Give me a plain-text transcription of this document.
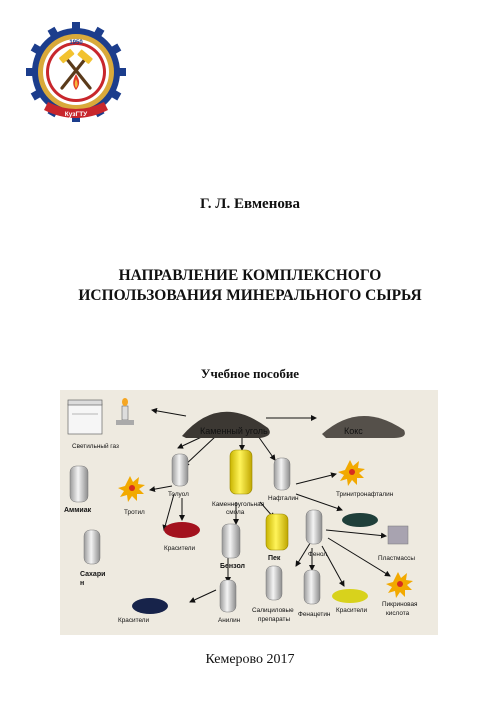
1950
КузГТУ
Г. Л. Евменова
НАПРАВЛЕНИЕ КОМПЛЕКСНОГО
ИСПОЛЬЗОВАНИЯ МИНЕРАЛЬНОГО СЫРЬЯ
Учебное пособие
Светильный газ
Каменный уголь	Кокс
Аммиак	Тротил
Толуол
Каменноугольная
смола
Нафталин
Тринитронафталин
Красители
Бензол
Пек
Фенол
Пластмассы
Сахари
н
Красители	Анилин
Салициловые
препараты
Фенацетин
Красители
Пикриновая
кислота
Кемерово 2017
